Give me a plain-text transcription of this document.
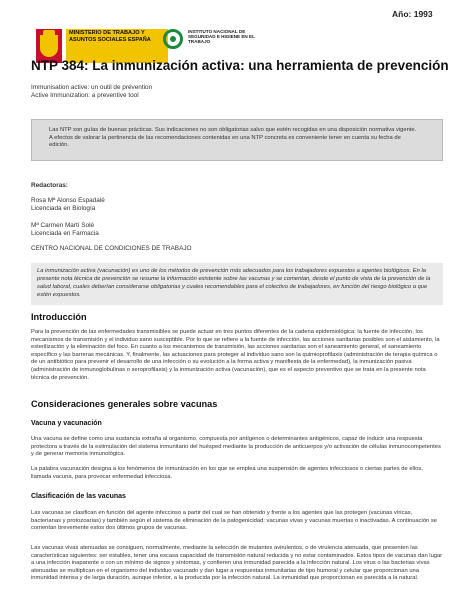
Año: 1993
MINISTERIO DE TRABAJO Y ASUNTOS SOCIALES ESPAÑA
INSTITUTO NACIONAL DE SEGURIDAD E HIGIENE EN EL TRABAJO
NTP 384: La inmunización activa: una herramienta de prevención
Immunisation active: un outil de prévention
Active Immunization: a preventive tool
Las NTP son guías de buenas prácticas. Sus indicaciones no son obligatorias salvo que estén recogidas en una disposición normativa vigente. A efectos de valorar la pertinencia de las recomendaciones contenidas en una NTP concreta es conveniente tener en cuenta su fecha de edición.
Redactoras:
Rosa Mª Alonso Espadalé
Licenciada en Biología
Mª Carmen Martí Solé
Licenciada en Farmacia
CENTRO NACIONAL DE CONDICIONES DE TRABAJO
La inmunización activa (vacunación) es uno de los métodos de prevención más adecuados para los trabajadores expuestos a agentes biológicos. En la presente nota técnica de prevención se resume la información existente sobre las vacunas y se comentan, desde el punto de vista de la prevención de la salud laboral, cuales deberían considerarse obligatorias y cuales recomendables para el colectivo de trabajadores, en función del riesgo biológico a que estén expuestos.
Introducción
Para la prevención de las enfermedades transmisibles se puede actuar en tres puntos diferentes de la cadena epidemiológica: la fuente de infección, los mecanismos de transmisión y el individuo sano susceptible. Por lo que se refiere a la fuente de infección, las acciones sanitarias posibles son el aislamiento, la esterilización y la eliminación del foco. En cuanto a los mecanismos de transmisión, las acciones sanitarias son el saneamiento general, el saneamiento específico y las barreras mecánicas. Y, finalmente, las actuaciones para proteger al individuo sano son la quimioprofilaxis (administración de terapia química o de un antibiótico para prevenir el desarrollo de una infección o su evolución a la forma activa y manifiesta de la enfermedad), la inmunización pasiva (administración de inmunoglobulinas o seroprofilaxis) y la inmunización activa (vacunación), que es el aspecto preventivo que se trata en la presente nota técnica de prevención.
Consideraciones generales sobre vacunas
Vacuna y vacunación
Una vacuna se define como una sustancia extraña al organismo, compuesta por antígenos o determinantes antigénicos, capaz de inducir una respuesta protectora a través de la estimulación del sistema inmunitario del huésped mediante la producción de anticuerpos y/o activación de células inmunocompetentes y de generar memoria inmunológica.
La palabra vacunación designa a los fenómenos de inmunización en los que se emplea una suspensión de agentes infecciosos o ciertas partes de ellos, llamada vacuna, para provocar enfermedad infecciosa.
Clasificación de las vacunas
Las vacunas se clasifican en función del agente infeccioso a partir del cual se han obtenido y frente a los agentes que las protegen (vacunas víricas, bacterianas y protozoarias) y también según el sistema de eliminación de la patogenicidad: vacunas vivas y vacunas muertas o inactivadas. A continuación se comentan brevemente estos dos últimos grupos de vacunas.
Las vacunas vivas atenuadas se consiguen, normalmente, mediante la selección de mutantes avirulentos, o de virulencia atenuada, que presenten las características siguientes: ser estables, tener una escasa capacidad de transmisión natural reducida y no estar contaminados. Estos tipos de vacunas dan lugar a una infección inaparente o con un mínimo de signos y síntomas, y confieren una inmunidad parecida a la infección natural. Los virus o las bacterias vivas atenuadas se multiplican en el organismo del individuo vacunado y dan lugar a respuestas inmunitarias de tipo humoral y celular que proporcionan una inmunidad intensa y de larga duración, aunque inferior, a la producida por la infección natural. La inmunidad que proporcionan es parecida a la natural.
